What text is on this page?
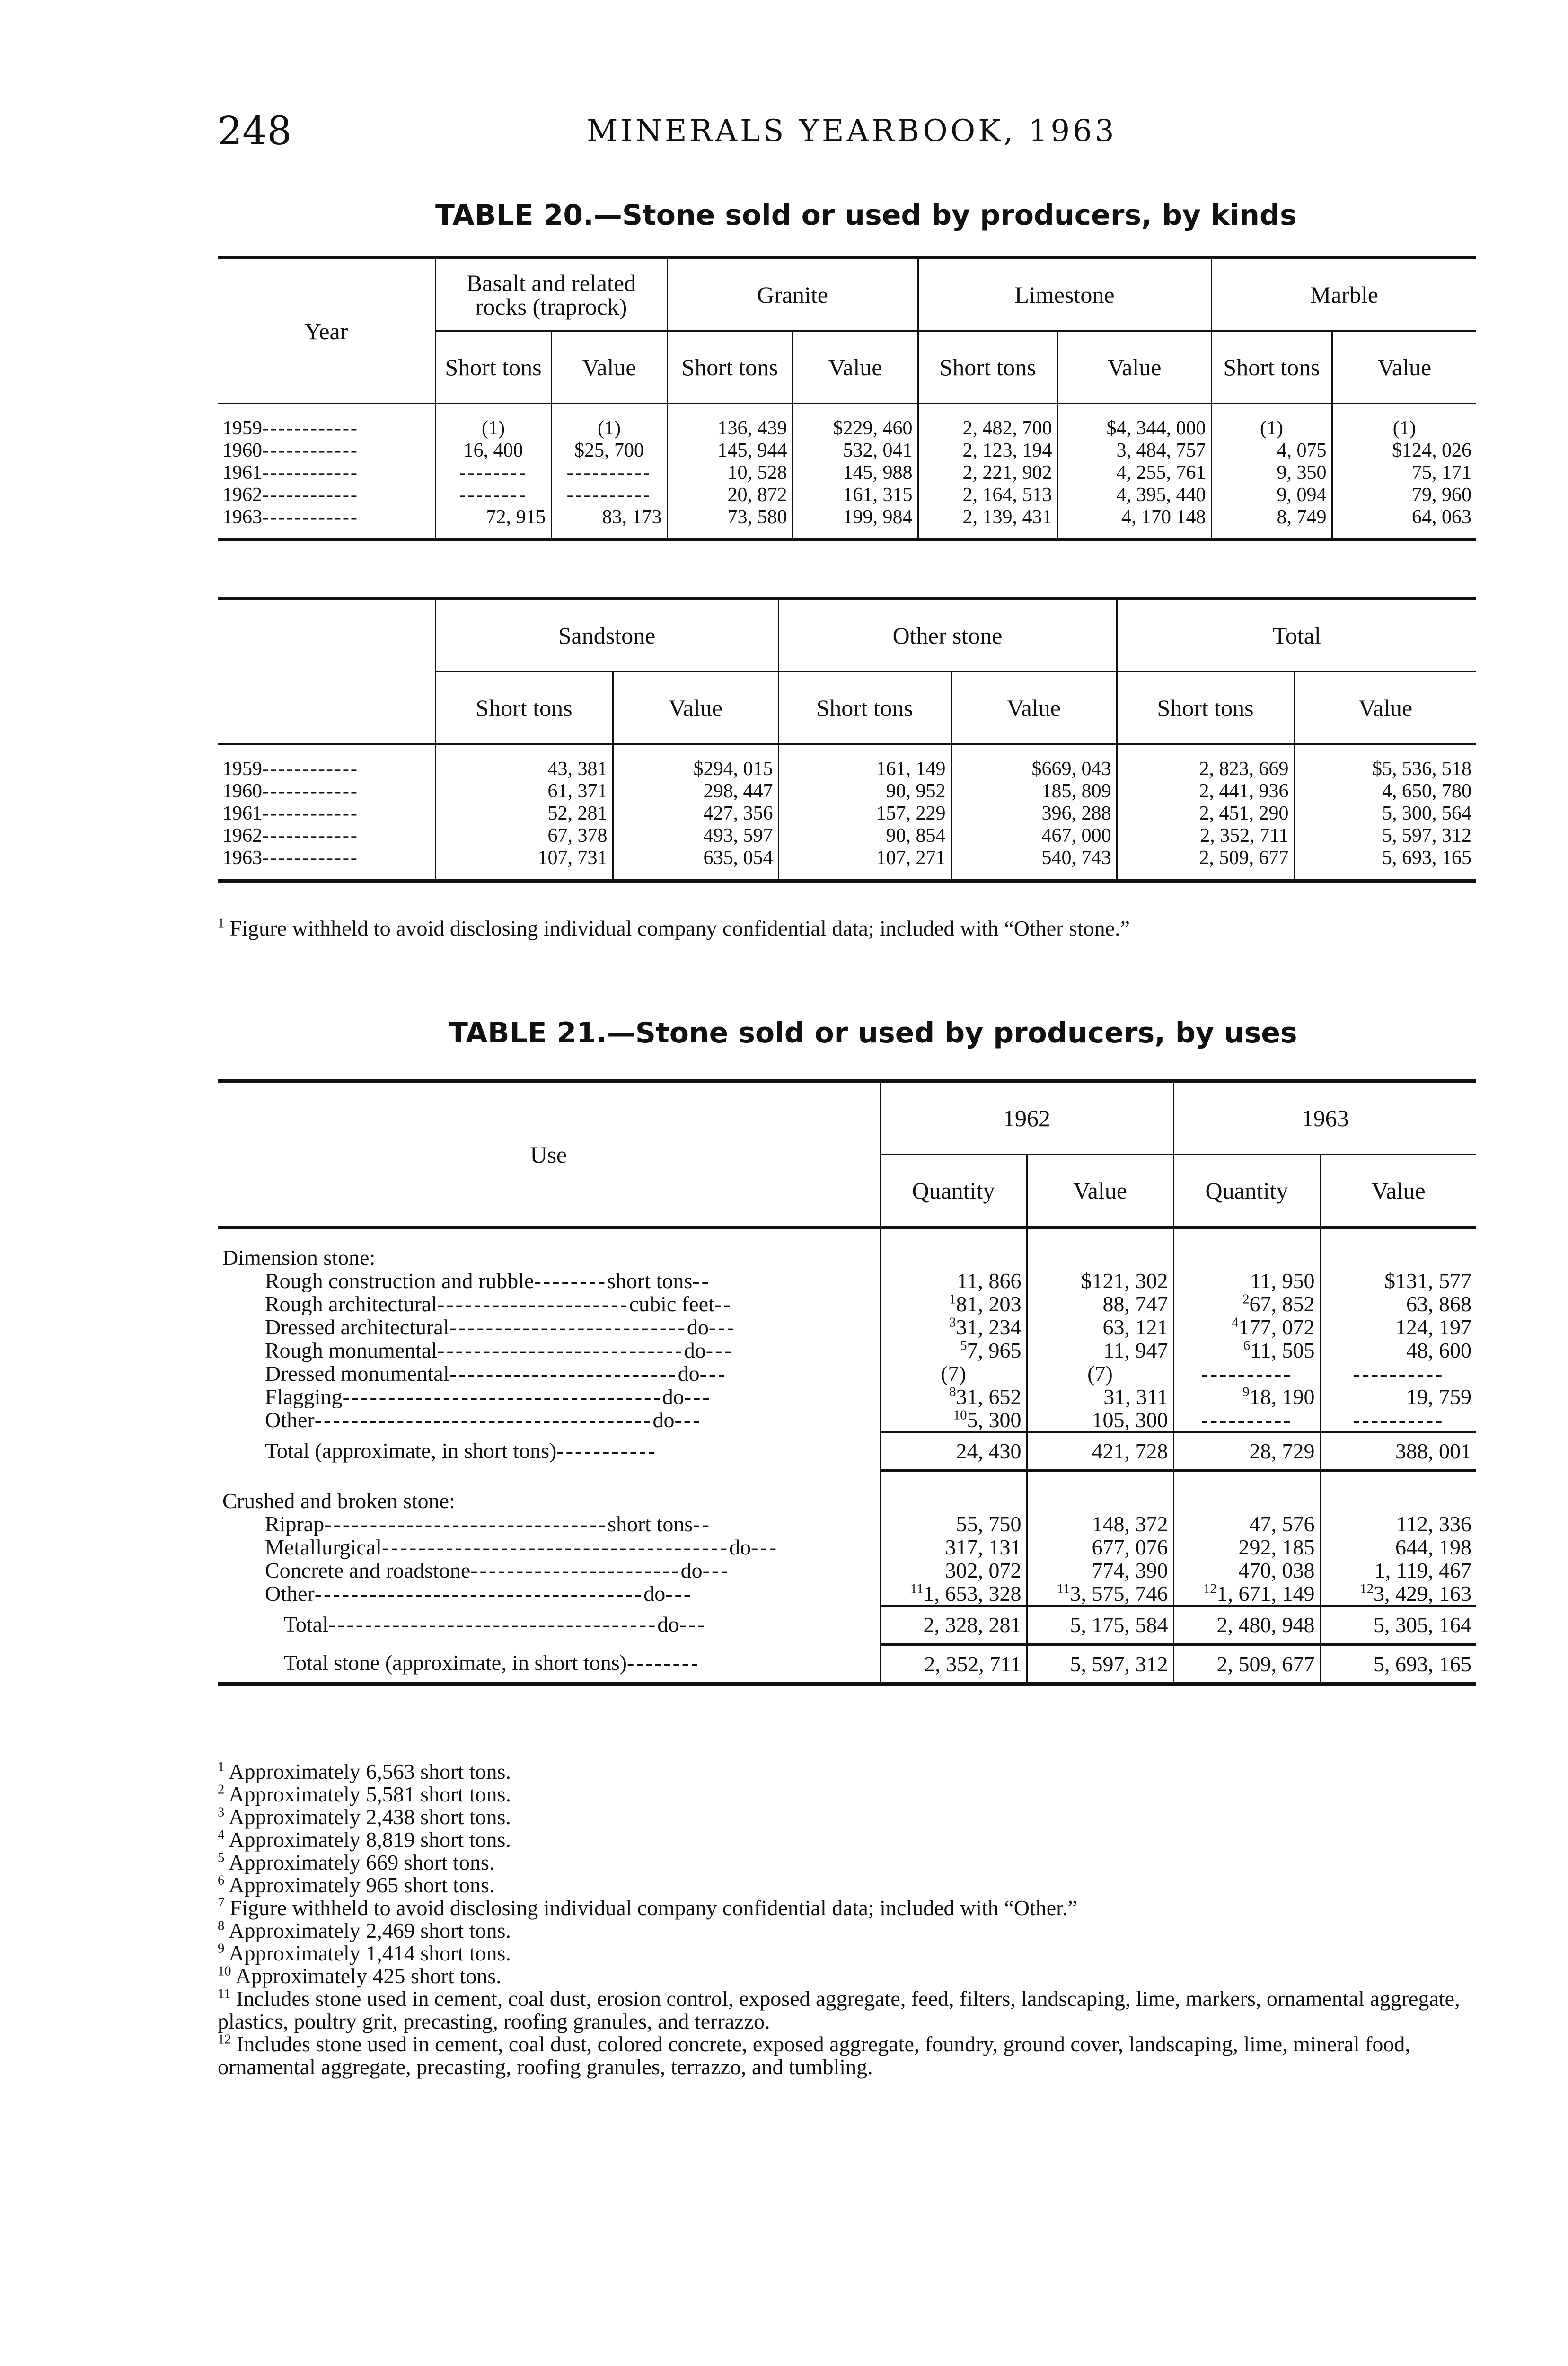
248	MINERALS YEARBOOK, 1963
TABLE 20.—Stone sold or used by producers, by kinds
Year	Basalt and related rocks (traprock)		Granite		Limestone		Marble	
	Short tons	Value	Short tons	Value	Short tons	Value	Short tons	Value
1959------------	(1)	(1)	136, 439	$229, 460	2, 482, 700	$4, 344, 000	(1)	(1)
1960------------	16, 400	$25, 700	145, 944	532, 041	2, 123, 194	3, 484, 757	4, 075	$124, 026
1961------------	--------	----------	10, 528	145, 988	2, 221, 902	4, 255, 761	9, 350	75, 171
1962------------	--------	----------	20, 872	161, 315	2, 164, 513	4, 395, 440	9, 094	79, 960
1963------------	72, 915	83, 173	73, 580	199, 984	2, 139, 431	4, 170 148	8, 749	64, 063
	Sandstone		Other stone		Total	
	Short tons	Value	Short tons	Value	Short tons	Value
1959------------	43, 381	$294, 015	161, 149	$669, 043	2, 823, 669	$5, 536, 518
1960------------	61, 371	298, 447	90, 952	185, 809	2, 441, 936	4, 650, 780
1961------------	52, 281	427, 356	157, 229	396, 288	2, 451, 290	5, 300, 564
1962------------	67, 378	493, 597	90, 854	467, 000	2, 352, 711	5, 597, 312
1963------------	107, 731	635, 054	107, 271	540, 743	2, 509, 677	5, 693, 165
$^1$ Figure withheld to avoid disclosing individual company confidential data; included with “Other stone.”
TABLE 21.—Stone sold or used by producers, by uses
Use	1962		1963	
	Quantity	Value	Quantity	Value

Dimension stone:				
Rough construction and rubble--------short tons--	11, 866	$121, 302	11, 950	$131, 577
Rough architectural---------------------cubic feet--	$^1$81, 203	88, 747	$^2$67, 852	63, 868
Dressed architectural--------------------------do---	$^3$31, 234	63, 121	$^4$177, 072	124, 197
Rough monumental---------------------------do---	$^5$7, 965	11, 947	$^6$11, 505	48, 600
Dressed monumental-------------------------do---	(7)	(7)	----------	----------
Flagging-----------------------------------do---	$^8$31, 652	31, 311	$^9$18, 190	19, 759
Other-------------------------------------do---	$^{10}$5, 300	105, 300	----------	----------
Total (approximate, in short tons)-----------	24, 430	421, 728	28, 729	388, 001

Crushed and broken stone:				
Riprap-------------------------------short tons--	55, 750	148, 372	47, 576	112, 336
Metallurgical--------------------------------------do---	317, 131	677, 076	292, 185	644, 198
Concrete and roadstone-----------------------do---	302, 072	774, 390	470, 038	1, 119, 467
Other------------------------------------do---	$^{11}$1, 653, 328	$^{11}$3, 575, 746	$^{12}$1, 671, 149	$^{12}$3, 429, 163
Total------------------------------------do---	2, 328, 281	5, 175, 584	2, 480, 948	5, 305, 164
Total stone (approximate, in short tons)--------	2, 352, 711	5, 597, 312	2, 509, 677	5, 693, 165
$^1$ Approximately 6,563 short tons.
$^2$ Approximately 5,581 short tons.
$^3$ Approximately 2,438 short tons.
$^4$ Approximately 8,819 short tons.
$^5$ Approximately 669 short tons.
$^6$ Approximately 965 short tons.
$^7$ Figure withheld to avoid disclosing individual company confidential data; included with “Other.”
$^8$ Approximately 2,469 short tons.
$^9$ Approximately 1,414 short tons.
$^{10}$ Approximately 425 short tons.
$^{11}$ Includes stone used in cement, coal dust, erosion control, exposed aggregate, feed, filters, landscaping, lime, markers, ornamental aggregate, plastics, poultry grit, precasting, roofing granules, and terrazzo.
$^{12}$ Includes stone used in cement, coal dust, colored concrete, exposed aggregate, foundry, ground cover, landscaping, lime, mineral food, ornamental aggregate, precasting, roofing granules, terrazzo, and tumbling.
